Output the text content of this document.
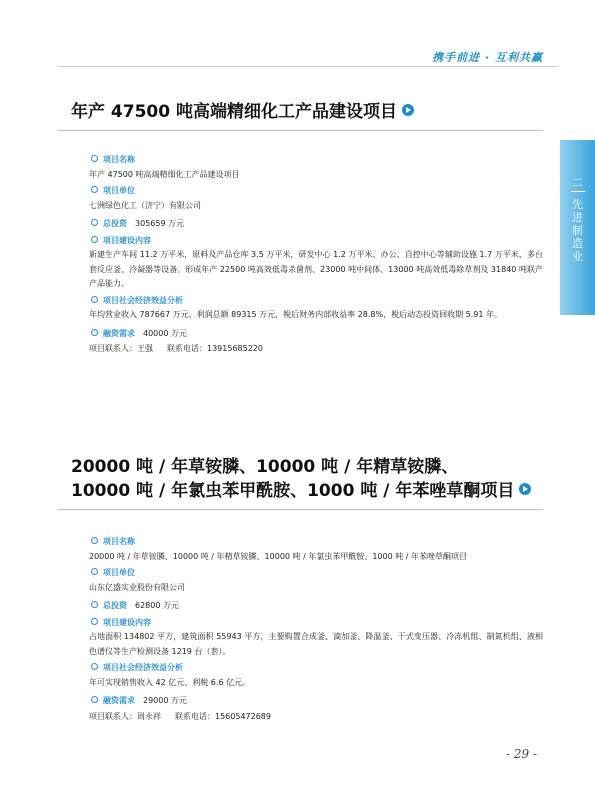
携手前进 · 互利共赢
二
先
进
制
造
业
年产 47500 吨高端精细化工产品建设项目
项目名称
年产 47500 吨高端精细化工产品建设项目
项目单位
七洲绿色化工（济宁）有限公司
总投资 305659 万元
项目建设内容
新建生产车间 11.2 万平米，原料及产品仓库 3.5 万平米，研发中心 1.2 万平米、办公、自控中心等辅助设施 1.7 万平米，多台套反应釜、冷凝器等设备。形成年产 22500 吨高效低毒杀菌剂、23000 吨中间体、13000 吨高效低毒除草剂及 31840 吨联产产品能力。
项目社会经济效益分析
年均营业收入 787667 万元、利润总额 89315 万元，税后财务内部收益率 28.8%，税后动态投资回收期 5.91 年。
融资需求 40000 万元
项目联系人：王强 联系电话：13915685220
20000 吨 / 年草铵膦、10000 吨 / 年精草铵膦、
10000 吨 / 年氯虫苯甲酰胺、1000 吨 / 年苯唑草酮项目
项目名称
20000 吨 / 年草铵膦、10000 吨 / 年精草铵膦、10000 吨 / 年氯虫苯甲酰胺、1000 吨 / 年苯唑草酮项目
项目单位
山东亿盛实业股份有限公司
总投资 62800 万元
项目建设内容
占地面积 134802 平方，建筑面积 55943 平方，主要购置合成釜、滴加釜、降温釜、干式变压器、冷冻机组、制氮机组、液相色谱仪等生产检测设备 1219 台（套）。
项目社会经济效益分析
年可实现销售收入 42 亿元、利税 6.6 亿元。
融资需求 29000 万元
项目联系人：周永祥 联系电话：15605472689
- 29 -
